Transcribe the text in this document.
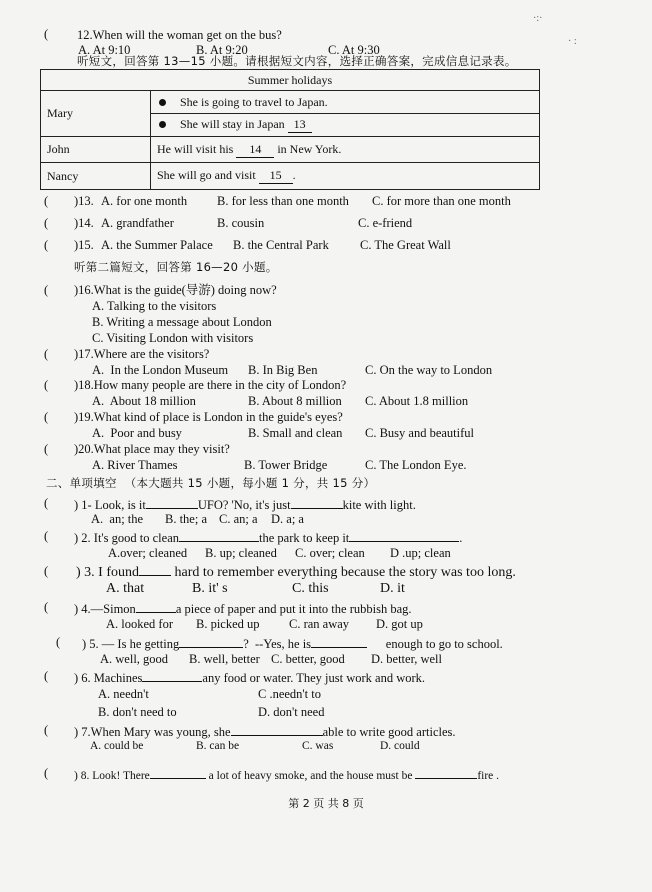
·:·
· :
( 12.When will the woman get on the bus?
A. At 9:10	B. At 9:20	C. At 9:30
听短文，回答第 13—15 小题。请根据短文内容，选择正确答案，完成信息记录表。
Summer holidays	
Mary	She is going to travel to Japan.
	She will stay in Japan 13
John	He will visit his 14 in New York.
Nancy	She will go and visit 15 .
( )13. A. for one month B. for less than one month C. for more than one month
( )14. A. grandfather	B. cousin	C. e-friend
( )15. A. the Summer Palace B. the Central Park C. The Great Wall
听第二篇短文，回答第 16—20 小题。
( )16.What is the guide(导游) doing now?
A. Talking to the visitors
B. Writing a message about London
C. Visiting London with visitors
( )17.Where are the visitors?
A.  In the London Museum B. In Big Ben	C. On the way to London
( )18.How many people are there in the city of London?
A.  About 18 million	B. About 8 million C. About 1.8 million
( )19.What kind of place is London in the guide's eyes?
A.  Poor and busy	B. Small and clean C. Busy and beautiful
( )20.What place may they visit?
A. River Thames	B. Tower Bridge	C. The London Eye.
二、单项填空  （本大题共 15 小题，每小题 1 分，共 15 分）
( ) 1- Look, is it	UFO? 'No, it's just	kite with light.
A.  an; the B. the; a C. an; a D. a; a
( ) 2. It's good to clean	the park to keep it	.
A.over; cleaned B. up; cleaned C. over; clean D .up; clean
( ) 3. I found	hard to remember everything because the story was too long.
A. that	B. it' s	C. this	D. it
( ) 4.—Simon	a piece of paper and put it into the rubbish bag.
A. looked for B. picked up C. ran away D. got up
( ) 5. — Is he getting	?  --Yes, he is	enough to go to school.
A. well, good B. well, better C. better, good D. better, well
( ) 6. Machines	any food or water. They just work and work.
A. needn't	C .needn't to
B. don't need to	D. don't need
( ) 7.When Mary was young, she	able to write good articles.
A. could be	B. can be	C. was	D. could
( ) 8. Look! There	a lot of heavy smoke, and the house must be	fire .
第 2 页 共 8 页
